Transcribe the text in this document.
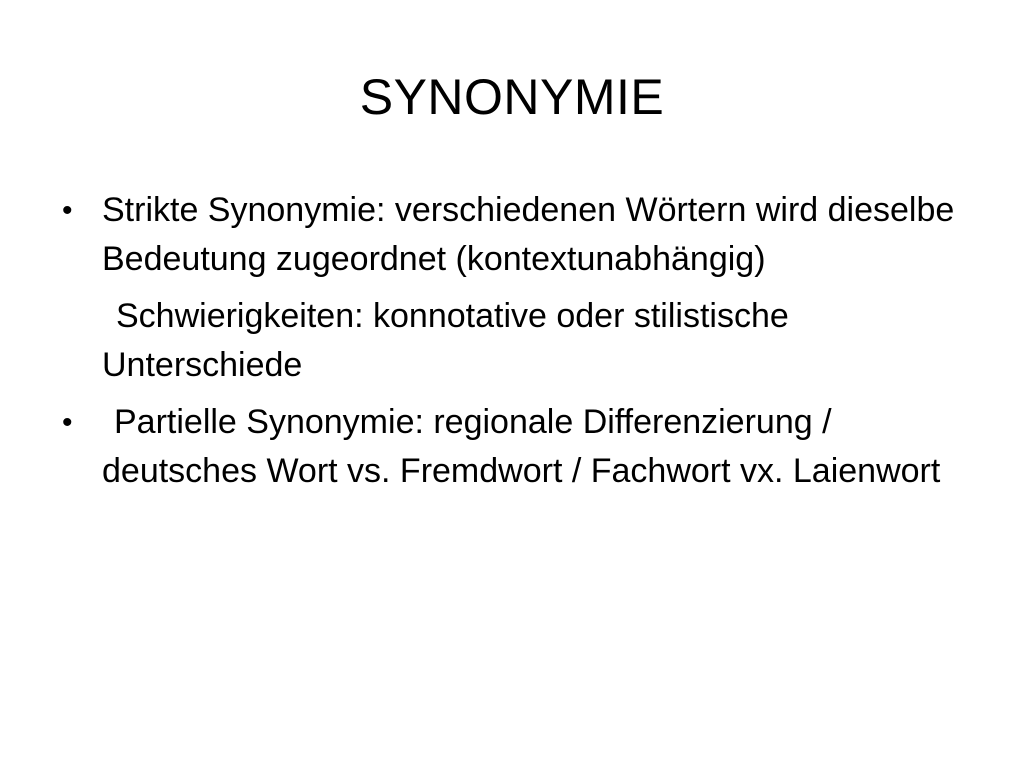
SYNONYMIE
• Strikte Synonymie: verschiedenen Wörtern wird dieselbe Bedeutung zugeordnet (kontextunabhängig)
Schwierigkeiten: konnotative oder stilistische Unterschiede
•	Partielle Synonymie: regionale Differenzierung / deutsches Wort vs. Fremdwort / Fachwort vx. Laienwort
